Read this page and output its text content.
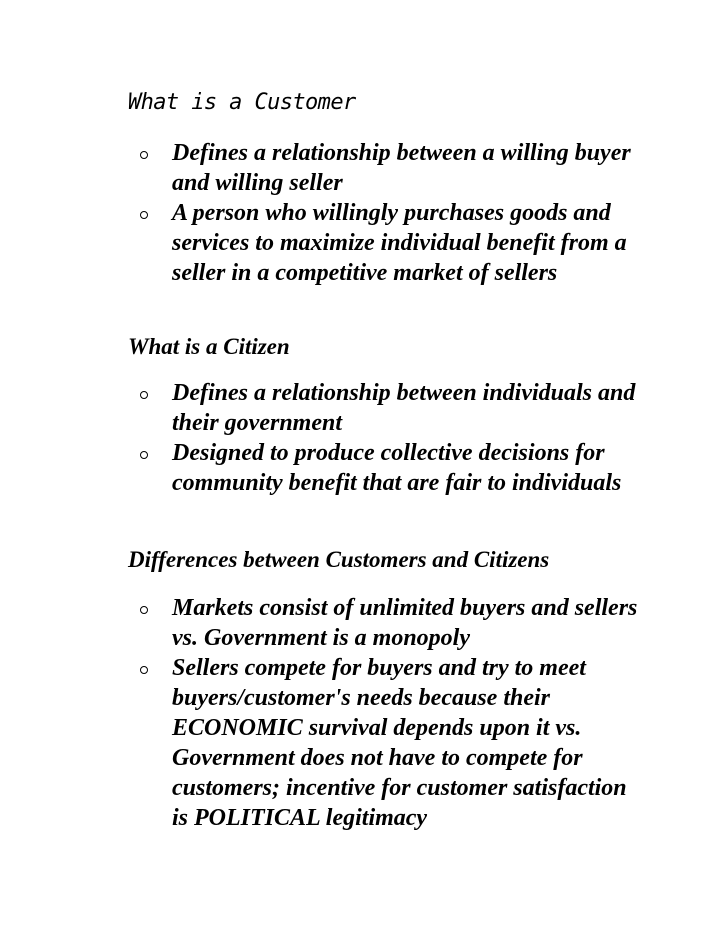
What is a Customer
Defines a relationship between a willing buyer and willing seller
A person who willingly purchases goods and services to maximize individual benefit from a seller in a competitive market of sellers
What is a Citizen
Defines a relationship between individuals and their government
Designed to produce collective decisions for community benefit that are fair to individuals
Differences between Customers and Citizens
Markets consist of unlimited buyers and sellers vs. Government is a monopoly
Sellers compete for buyers and try to meet buyers/customer's needs because their ECONOMIC survival depends upon it vs. Government does not have to compete for customers; incentive for customer satisfaction is POLITICAL legitimacy
